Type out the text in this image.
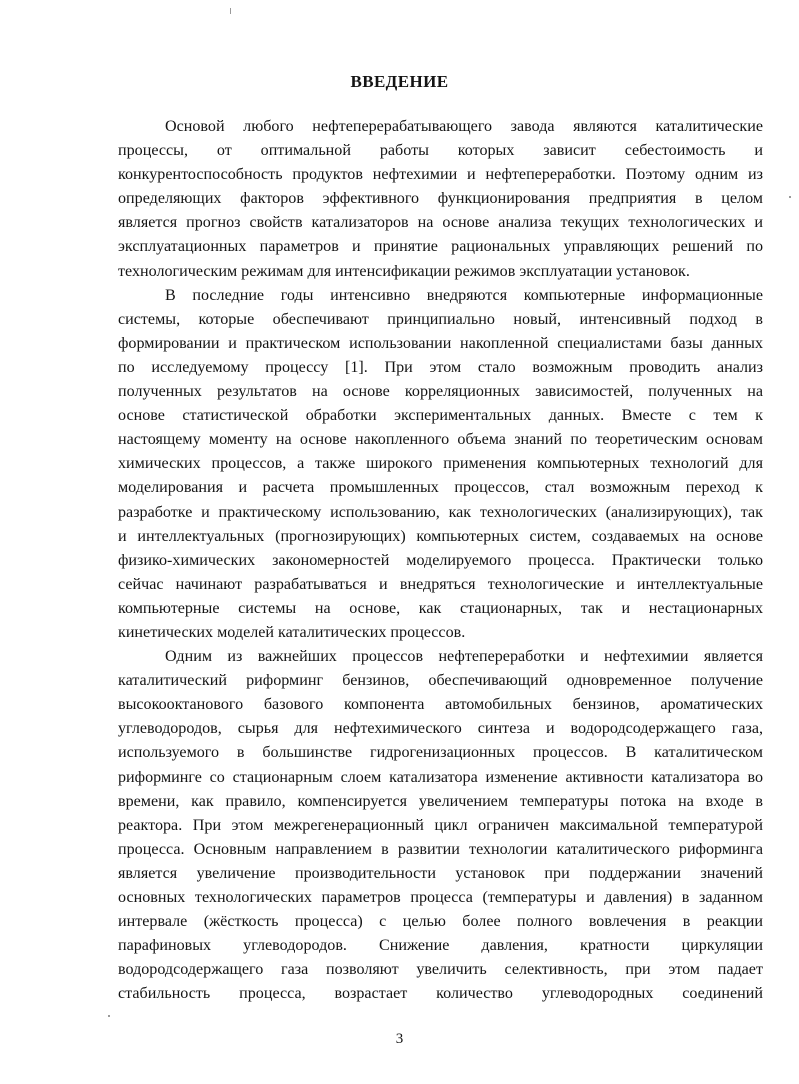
ВВЕДЕНИЕ

Основой любого нефтеперерабатывающего завода являются каталитические
процессы, от оптимальной работы которых зависит себестоимость и
конкурентоспособность продуктов нефтехимии и нефтепереработки. Поэтому одним из
определяющих факторов эффективного функционирования предприятия в целом
является прогноз свойств катализаторов на основе анализа текущих технологических и
эксплуатационных параметров и принятие рациональных управляющих решений по
технологическим режимам для интенсификации режимов эксплуатации установок.

В последние годы интенсивно внедряются компьютерные информационные
системы, которые обеспечивают принципиально новый, интенсивный подход в
формировании и практическом использовании накопленной специалистами базы данных
по исследуемому процессу [1]. При этом стало возможным проводить анализ
полученных результатов на основе корреляционных зависимостей, полученных на
основе статистической обработки экспериментальных данных. Вместе с тем к
настоящему моменту на основе накопленного объема знаний по теоретическим основам
химических процессов, а также широкого применения компьютерных технологий для
моделирования и расчета промышленных процессов, стал возможным переход к
разработке и практическому использованию, как технологических (анализирующих), так
и интеллектуальных (прогнозирующих) компьютерных систем, создаваемых на основе
физико-химических закономерностей моделируемого процесса. Практически только
сейчас начинают разрабатываться и внедряться технологические и интеллектуальные
компьютерные системы на основе, как стационарных, так и нестационарных
кинетических моделей каталитических процессов.

Одним из важнейших процессов нефтепереработки и нефтехимии является
каталитический риформинг бензинов, обеспечивающий одновременное получение
высокооктанового базового компонента автомобильных бензинов, ароматических
углеводородов, сырья для нефтехимического синтеза и водородсодержащего газа,
используемого в большинстве гидрогенизационных процессов. В каталитическом
риформинге со стационарным слоем катализатора изменение активности катализатора во
времени, как правило, компенсируется увеличением температуры потока на входе в
реактора. При этом межрегенерационный цикл ограничен максимальной температурой
процесса. Основным направлением в развитии технологии каталитического риформинга
является увеличение производительности установок при поддержании значений
основных технологических параметров процесса (температуры и давления) в заданном
интервале (жёсткость процесса) с целью более полного вовлечения в реакции
парафиновых углеводородов. Снижение давления, кратности циркуляции
водородсодержащего газа позволяют увеличить селективность, при этом падает
стабильность процесса, возрастает количество углеводородных соединений

3
